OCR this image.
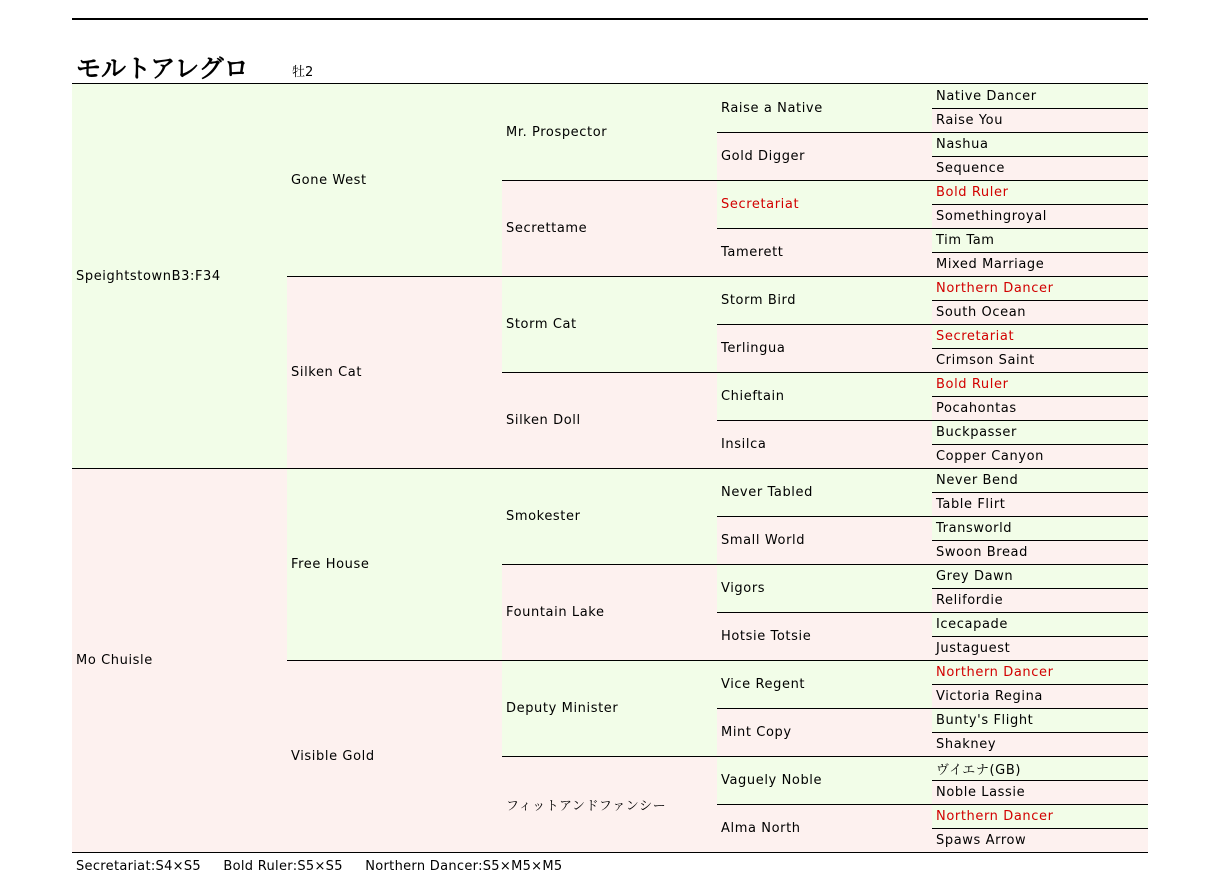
モルトアレグロ	牡2
SpeightstownB3:F34
Mo Chuisle
Gone West
Silken Cat
Free House
Visible Gold
Mr. Prospector
Secrettame
Storm Cat
Silken Doll
Smokester
Fountain Lake
Deputy Minister
フィットアンドファンシー
Raise a Native
Gold Digger
Secretariat
Tamerett
Storm Bird
Terlingua
Chieftain
Insilca
Never Tabled
Small World
Vigors
Hotsie Totsie
Vice Regent
Mint Copy
Vaguely Noble
Alma North
Native Dancer
Raise You
Nashua
Sequence
Bold Ruler
Somethingroyal
Tim Tam
Mixed Marriage
Northern Dancer
South Ocean
Secretariat
Crimson Saint
Bold Ruler
Pocahontas
Buckpasser
Copper Canyon
Never Bend
Table Flirt
Transworld
Swoon Bread
Grey Dawn
Relifordie
Icecapade
Justaguest
Northern Dancer
Victoria Regina
Bunty's Flight
Shakney
ヴイエナ(GB)
Noble Lassie
Northern Dancer
Spaws Arrow
Secretariat:S4×S5 Bold Ruler:S5×S5 Northern Dancer:S5×M5×M5
